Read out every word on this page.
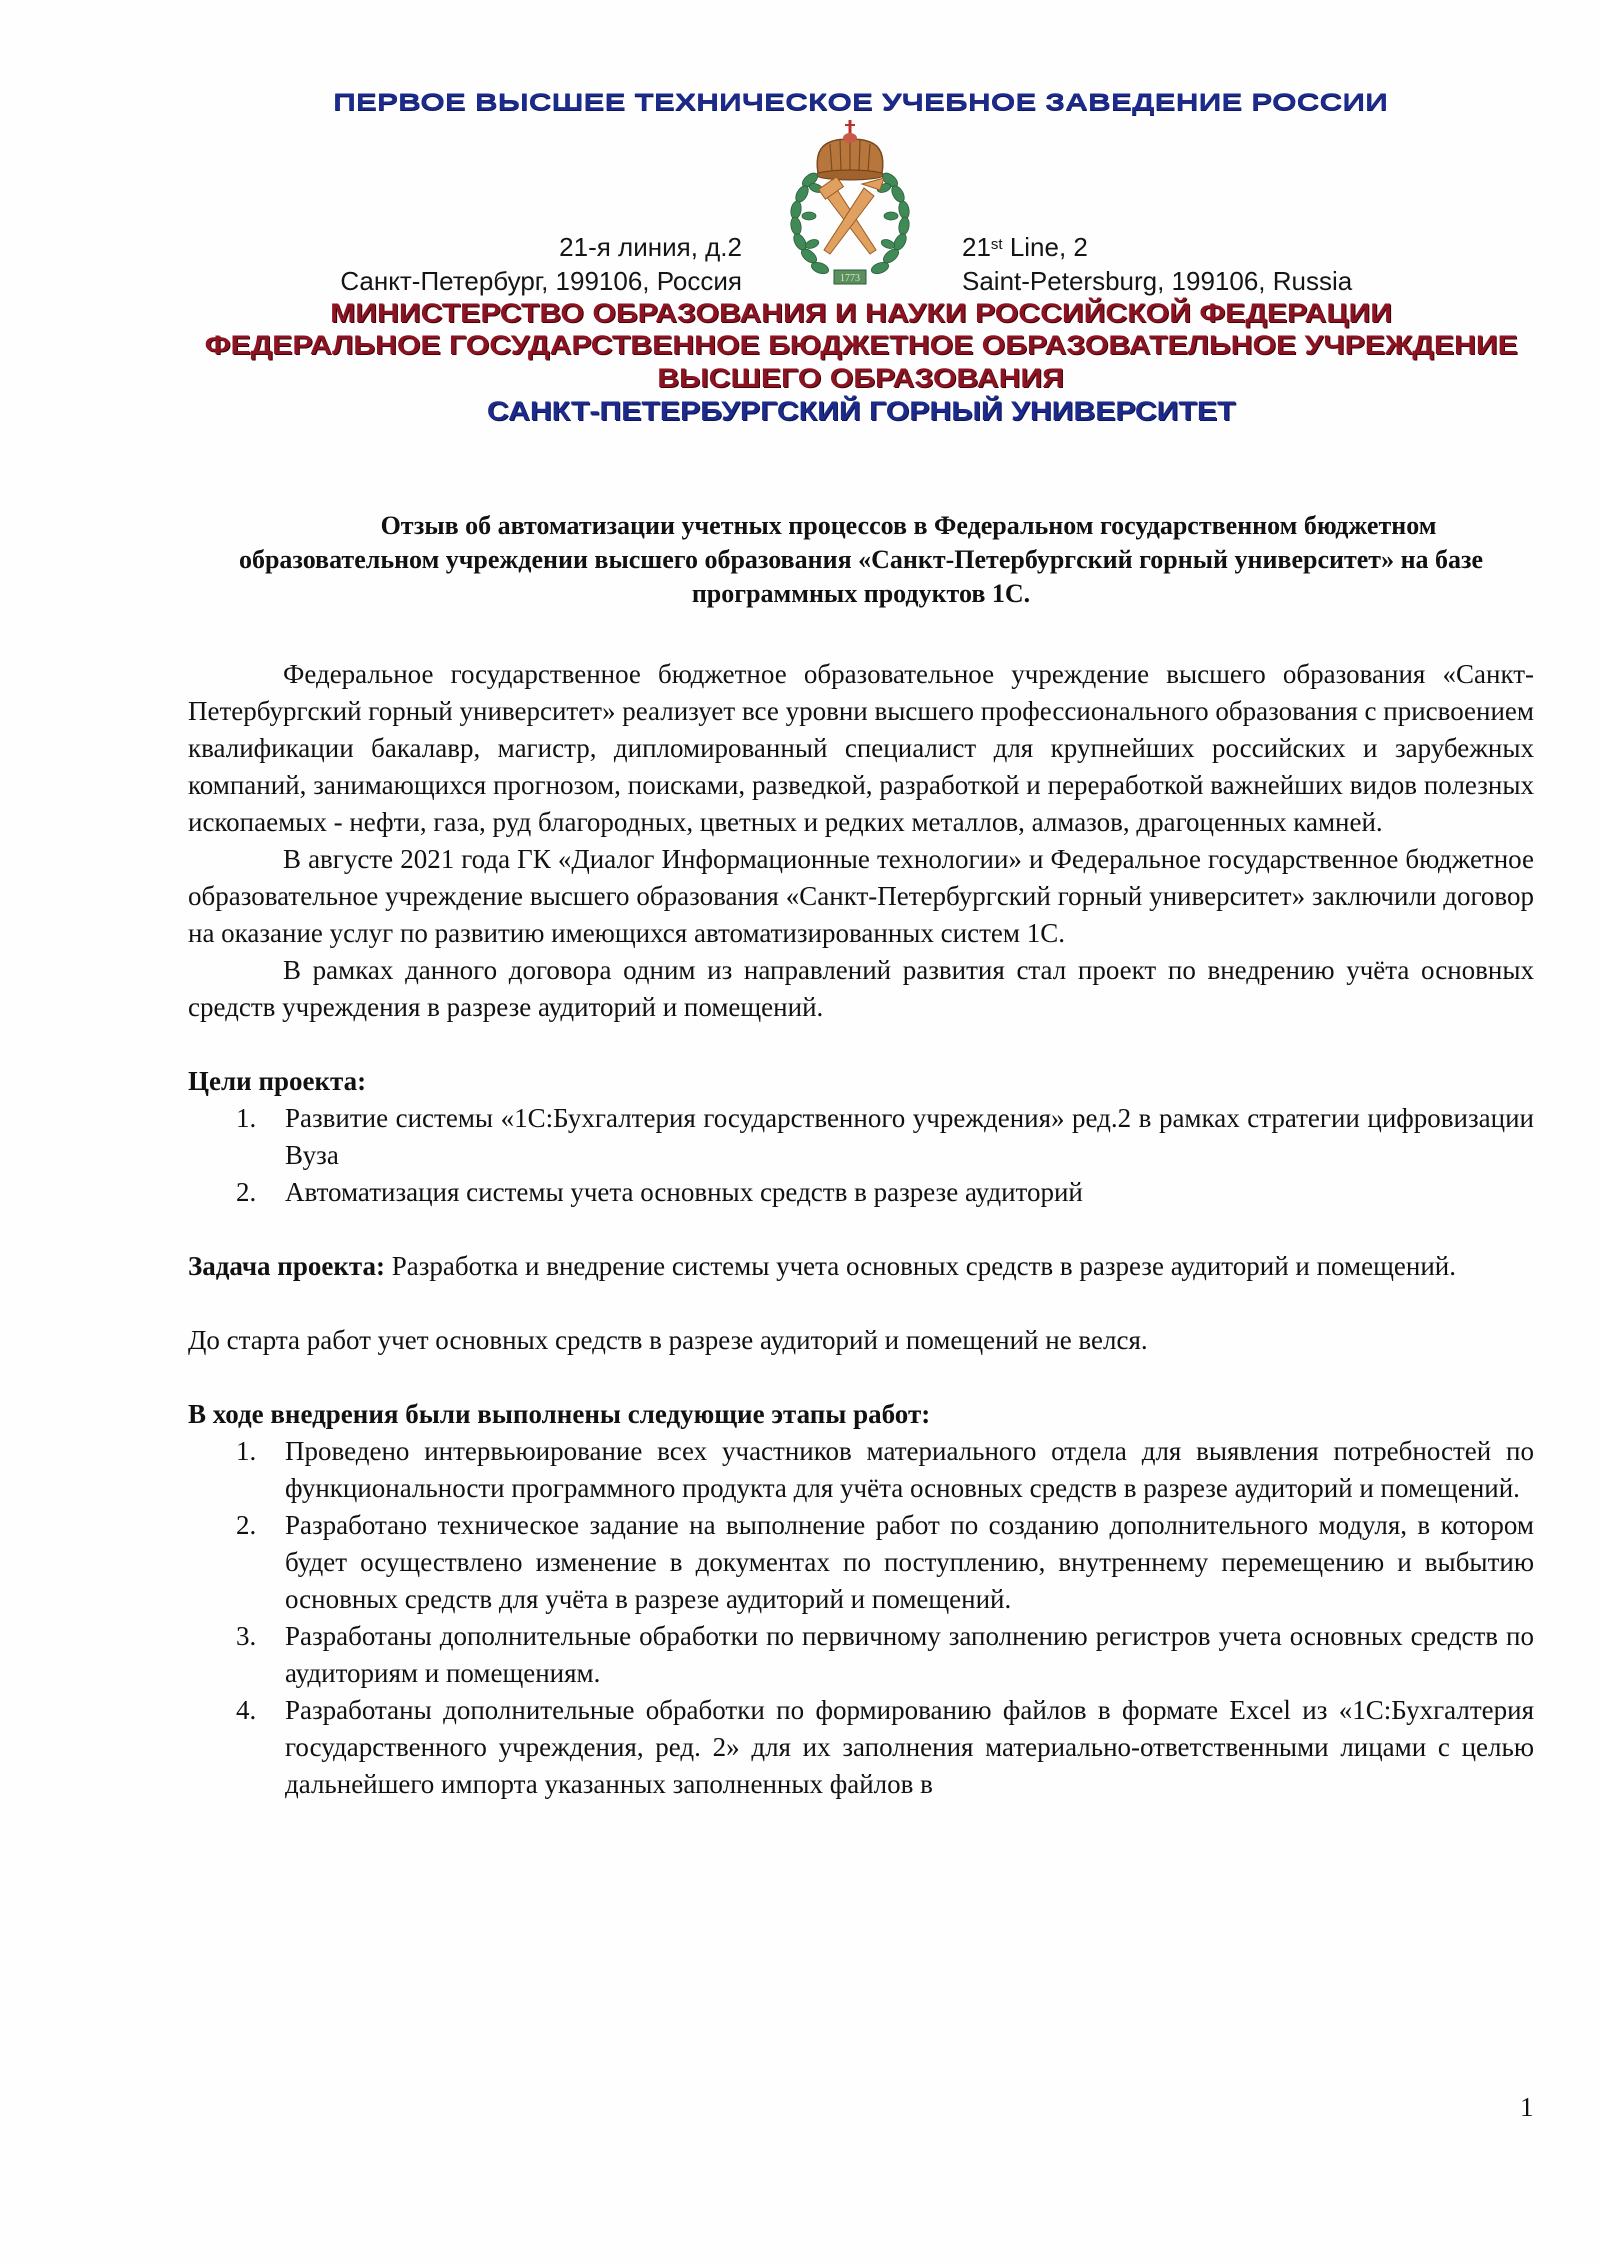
ПЕРВОЕ ВЫСШЕЕ ТЕХНИЧЕСКОЕ УЧЕБНОЕ ЗАВЕДЕНИЕ РОССИИ
1773
21-я линия, д.2
Санкт-Петербург, 199106, Россия
21st Line, 2
Saint-Petersburg, 199106, Russia
МИНИСТЕРСТВО ОБРАЗОВАНИЯ И НАУКИ РОССИЙСКОЙ ФЕДЕРАЦИИ
ФЕДЕРАЛЬНОЕ ГОСУДАРСТВЕННОЕ БЮДЖЕТНОЕ ОБРАЗОВАТЕЛЬНОЕ УЧРЕЖДЕНИЕ
ВЫСШЕГО ОБРАЗОВАНИЯ
САНКТ-ПЕТЕРБУРГСКИЙ ГОРНЫЙ УНИВЕРСИТЕТ
Отзыв об автоматизации учетных процессов в Федеральном государственном бюджетном образовательном учреждении высшего образования «Санкт-Петербургский горный университет» на базе программных продуктов 1С.

Федеральное государственное бюджетное образовательное учреждение высшего образования «Санкт-Петербургский горный университет» реализует все уровни высшего профессионального образования с присвоением квалификации бакалавр, магистр, дипломированный специалист для крупнейших российских и зарубежных компаний, занимающихся прогнозом, поисками, разведкой, разработкой и переработкой важнейших видов полезных ископаемых - нефти, газа, руд благородных, цветных и редких металлов, алмазов, драгоценных камней.

В августе 2021 года ГК «Диалог Информационные технологии» и Федеральное государственное бюджетное образовательное учреждение высшего образования «Санкт-Петербургский горный университет» заключили договор на оказание услуг по развитию имеющихся автоматизированных систем 1С.

В рамках данного договора одним из направлений развития стал проект по внедрению учёта основных средств учреждения в разрезе аудиторий и помещений.

Цели проекта:

1. Развитие системы «1С:Бухгалтерия государственного учреждения» ред.2 в рамках стратегии цифровизации Вуза
2. Автоматизация системы учета основных средств в разрезе аудиторий

Задача проекта: Разработка и внедрение системы учета основных средств в разрезе аудиторий и помещений.

До старта работ учет основных средств в разрезе аудиторий и помещений не велся.

В ходе внедрения были выполнены следующие этапы работ:

1. Проведено интервьюирование всех участников материального отдела для выявления потребностей по функциональности программного продукта для учёта основных средств в разрезе аудиторий и помещений.
2. Разработано техническое задание на выполнение работ по созданию дополнительного модуля, в котором будет осуществлено изменение в документах по поступлению, внутреннему перемещению и выбытию основных средств для учёта в разрезе аудиторий и помещений.
3. Разработаны дополнительные обработки по первичному заполнению регистров учета основных средств по аудиториям и помещениям.
4. Разработаны дополнительные обработки по формированию файлов в формате Excel из «1С:Бухгалтерия государственного учреждения, ред. 2» для их заполнения материально-ответственными лицами с целью дальнейшего импорта указанных заполненных файлов в
1
